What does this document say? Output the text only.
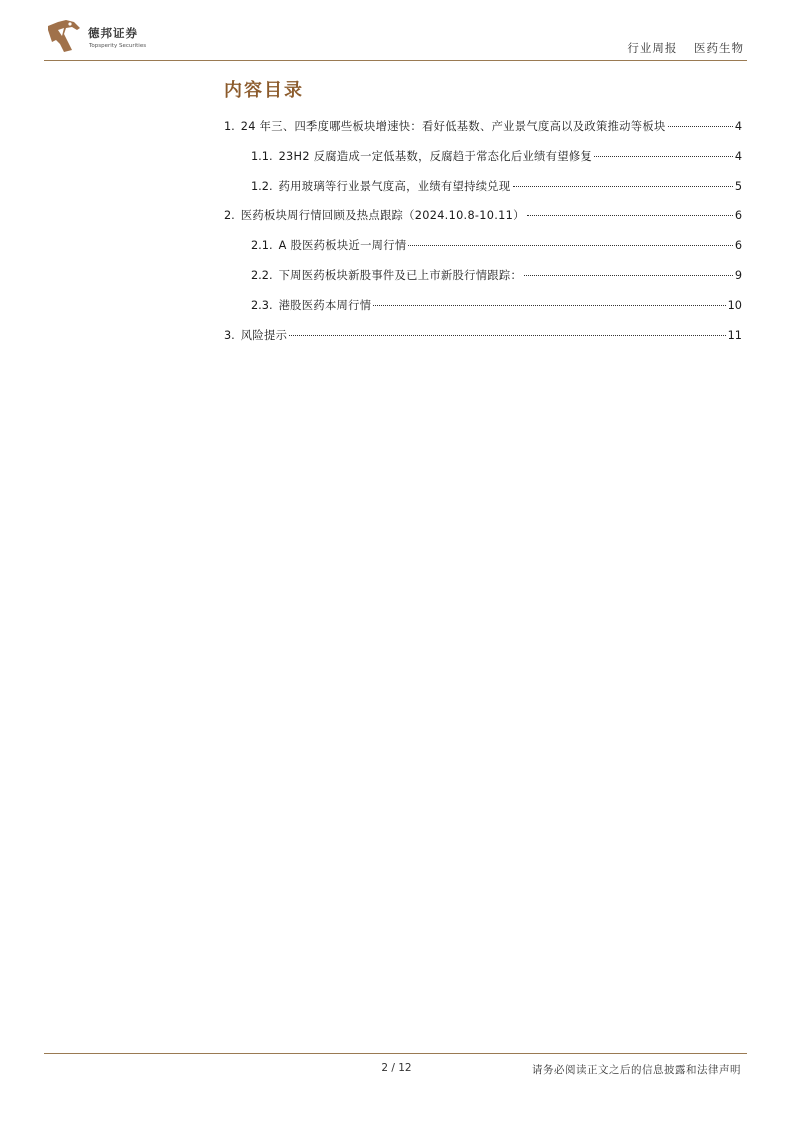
德邦证券
Topsperity Securities	行业周报 医药生物
内容目录
1. 24 年三、四季度哪些板块增速快：看好低基数、产业景气度高以及政策推动等板块	4
1.1. 23H2 反腐造成一定低基数，反腐趋于常态化后业绩有望修复	4
1.2. 药用玻璃等行业景气度高，业绩有望持续兑现	5
2. 医药板块周行情回顾及热点跟踪（2024.10.8-10.11）	6
2.1. A 股医药板块近一周行情	6
2.2. 下周医药板块新股事件及已上市新股行情跟踪：	9
2.3. 港股医药本周行情	10
3. 风险提示	11
2 / 12	请务必阅读正文之后的信息披露和法律声明
